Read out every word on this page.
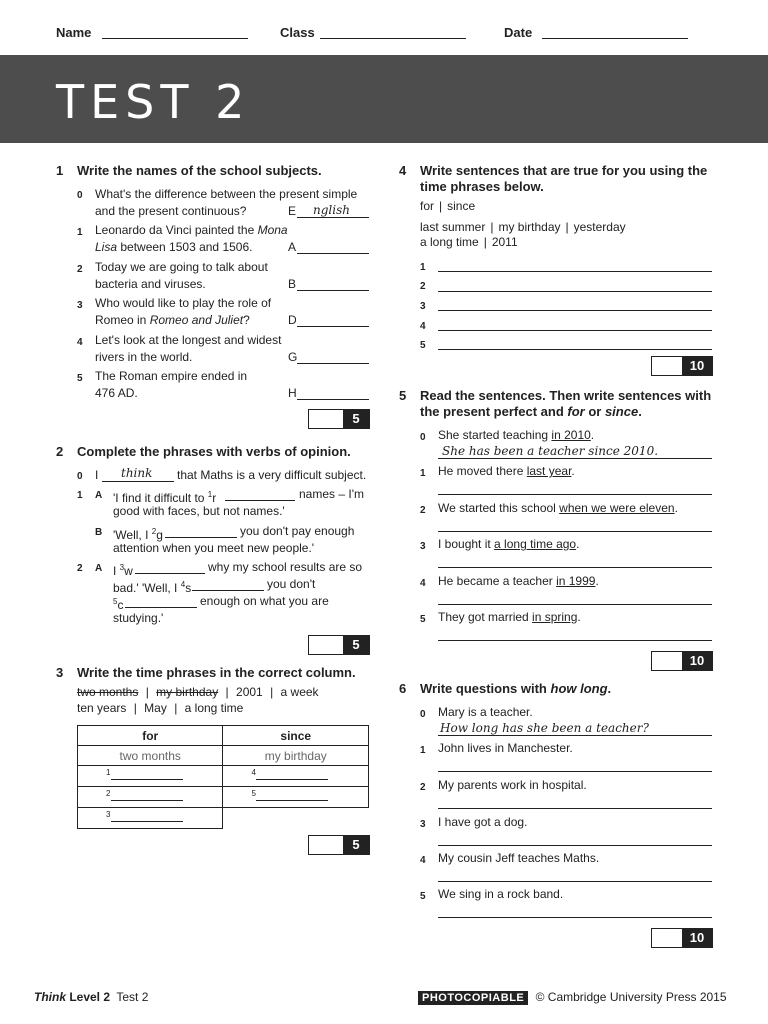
Name	Class	Date
TEST 2
1 Write the names of the school subjects.
0 What's the difference between the present simple
and the present continuous?	E nglish
1 Leonardo da Vinci painted the Mona
Lisa between 1503 and 1506.	A
2 Today we are going to talk about
bacteria and viruses.	B
3 Who would like to play the role of
Romeo in Romeo and Juliet?	D
4 Let's look at the longest and widest
rivers in the world.	G
5 The Roman empire ended in
476 AD.	H
5
2 Complete the phrases with verbs of opinion.
0 I think that Maths is a very difficult subject.
1 A 'I find it difficult to $^1$r	names – I'm
good with faces, but not names.'
B 'Well, I $^2$g	you don't pay enough
attention when you meet new people.'
2 A I $^3$w	why my school results are so
bad.' 'Well, I $^4$s	you don't
$^5$c	enough on what you are
studying.'
5
3 Write the time phrases in the correct column.
two months | my birthday | 2001 | a week
ten years | May | a long time
for	since
two months	my birthday

1	4

2	5

3	

5
4 Write sentences that are true for you using the
time phrases below.
for | since
last summer | my birthday | yesterday
a long time | 2011
1
2
3
4
5
10
5 Read the sentences. Then write sentences with
the present perfect and for or since.
0 She started teaching in 2010.
She has been a teacher since 2010.
1 He moved there last year.
2 We started this school when we were eleven.
3 I bought it a long time ago.
4 He became a teacher in 1999.
5 They got married in spring.
10
6 Write questions with how long.
0 Mary is a teacher.
How long has she been a teacher?
1 John lives in Manchester.
2 My parents work in hospital.
3 I have got a dog.
4 My cousin Jeff teaches Maths.
5 We sing in a rock band.
10
Think Level 2 Test 2	PHOTOCOPIABLE © Cambridge University Press 2015
